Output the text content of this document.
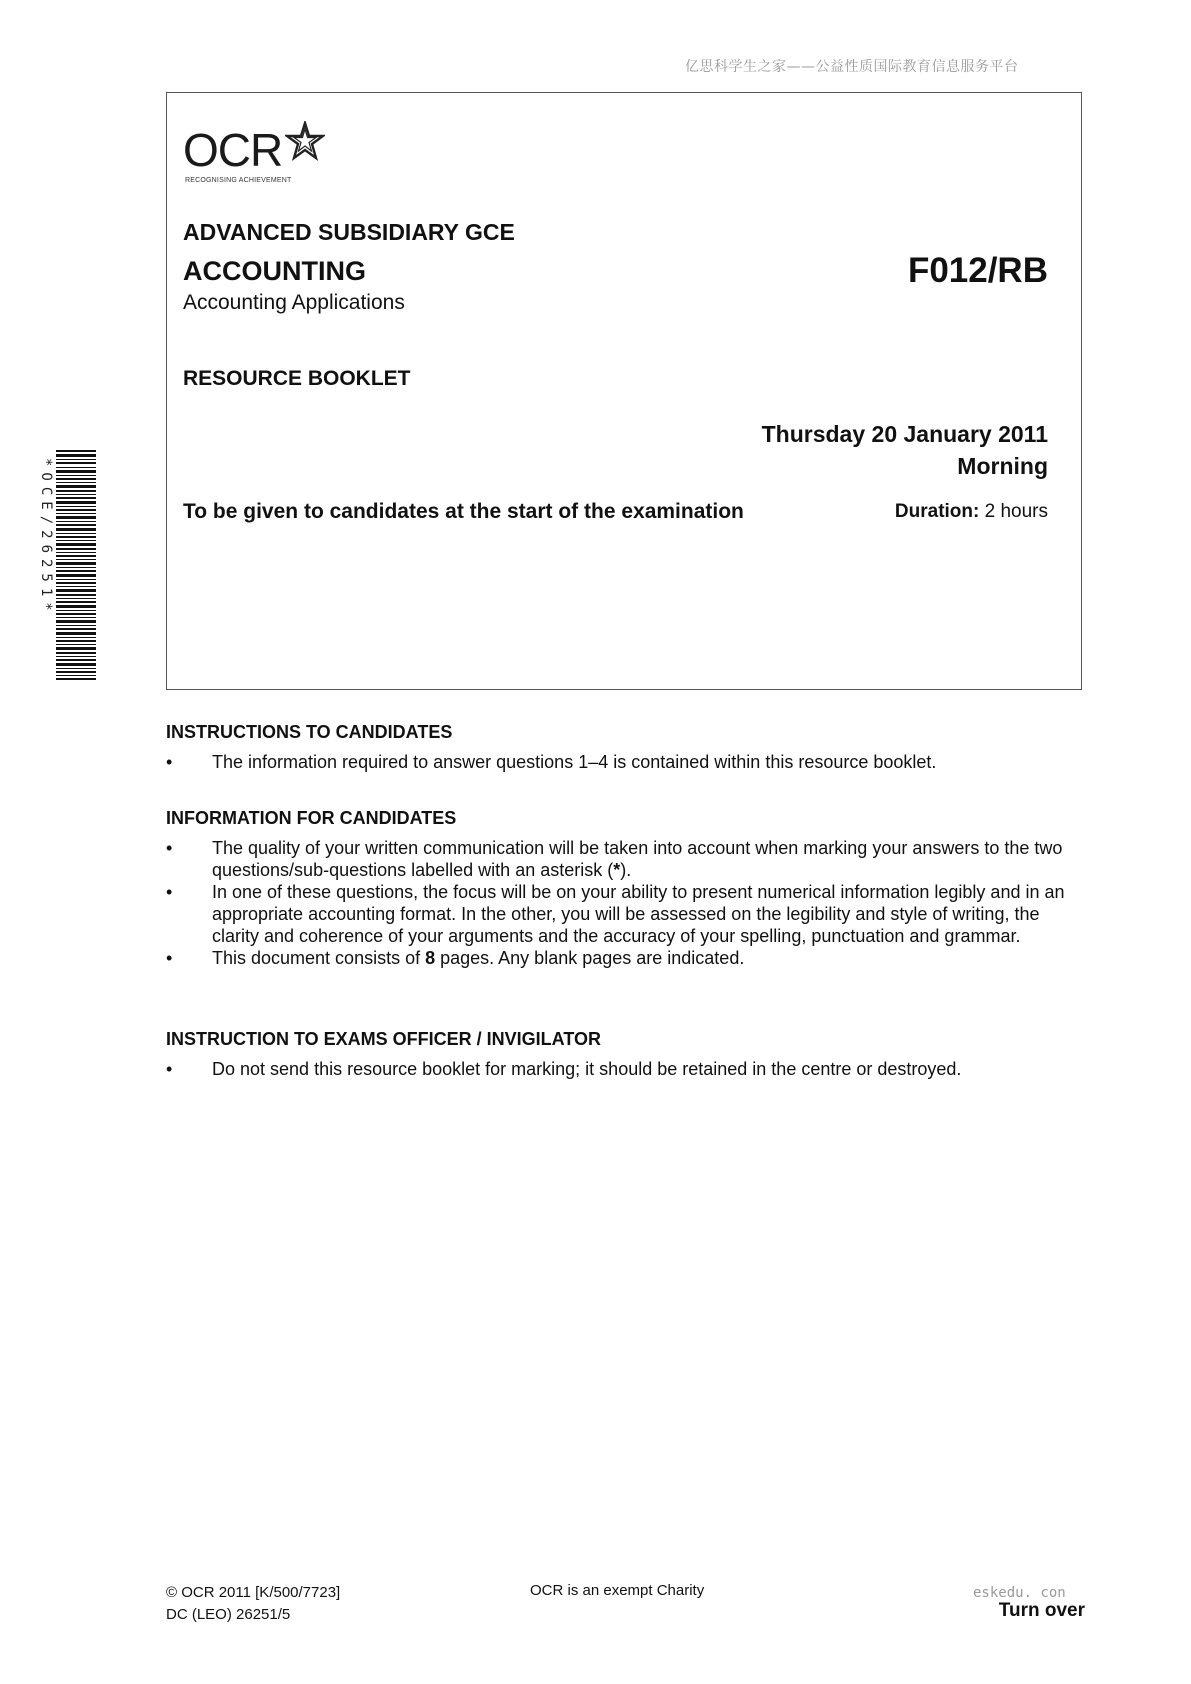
亿思科学生之家——公益性质国际教育信息服务平台
OCR
RECOGNISING ACHIEVEMENT
ADVANCED SUBSIDIARY GCE
ACCOUNTING	F012/RB
Accounting Applications
RESOURCE BOOKLET
Thursday 20 January 2011
Morning
To be given to candidates at the start of the examination	Duration: 2 hours
*OCE/26251*
INSTRUCTIONS TO CANDIDATES
•	The information required to answer questions 1–4 is contained within this resource booklet.
INFORMATION FOR CANDIDATES
•	The quality of your written communication will be taken into account when marking your answers to the two questions/sub-questions labelled with an asterisk (*).
•	In one of these questions, the focus will be on your ability to present numerical information legibly and in an appropriate accounting format. In the other, you will be assessed on the legibility and style of writing, the clarity and coherence of your arguments and the accuracy of your spelling, punctuation and grammar.
•	This document consists of 8 pages. Any blank pages are indicated.
INSTRUCTION TO EXAMS OFFICER / INVIGILATOR
•	Do not send this resource booklet for marking; it should be retained in the centre or destroyed.
© OCR 2011 [K/500/7723]
DC (LEO) 26251/5
OCR is an exempt Charity	eskedu. con
Turn over
